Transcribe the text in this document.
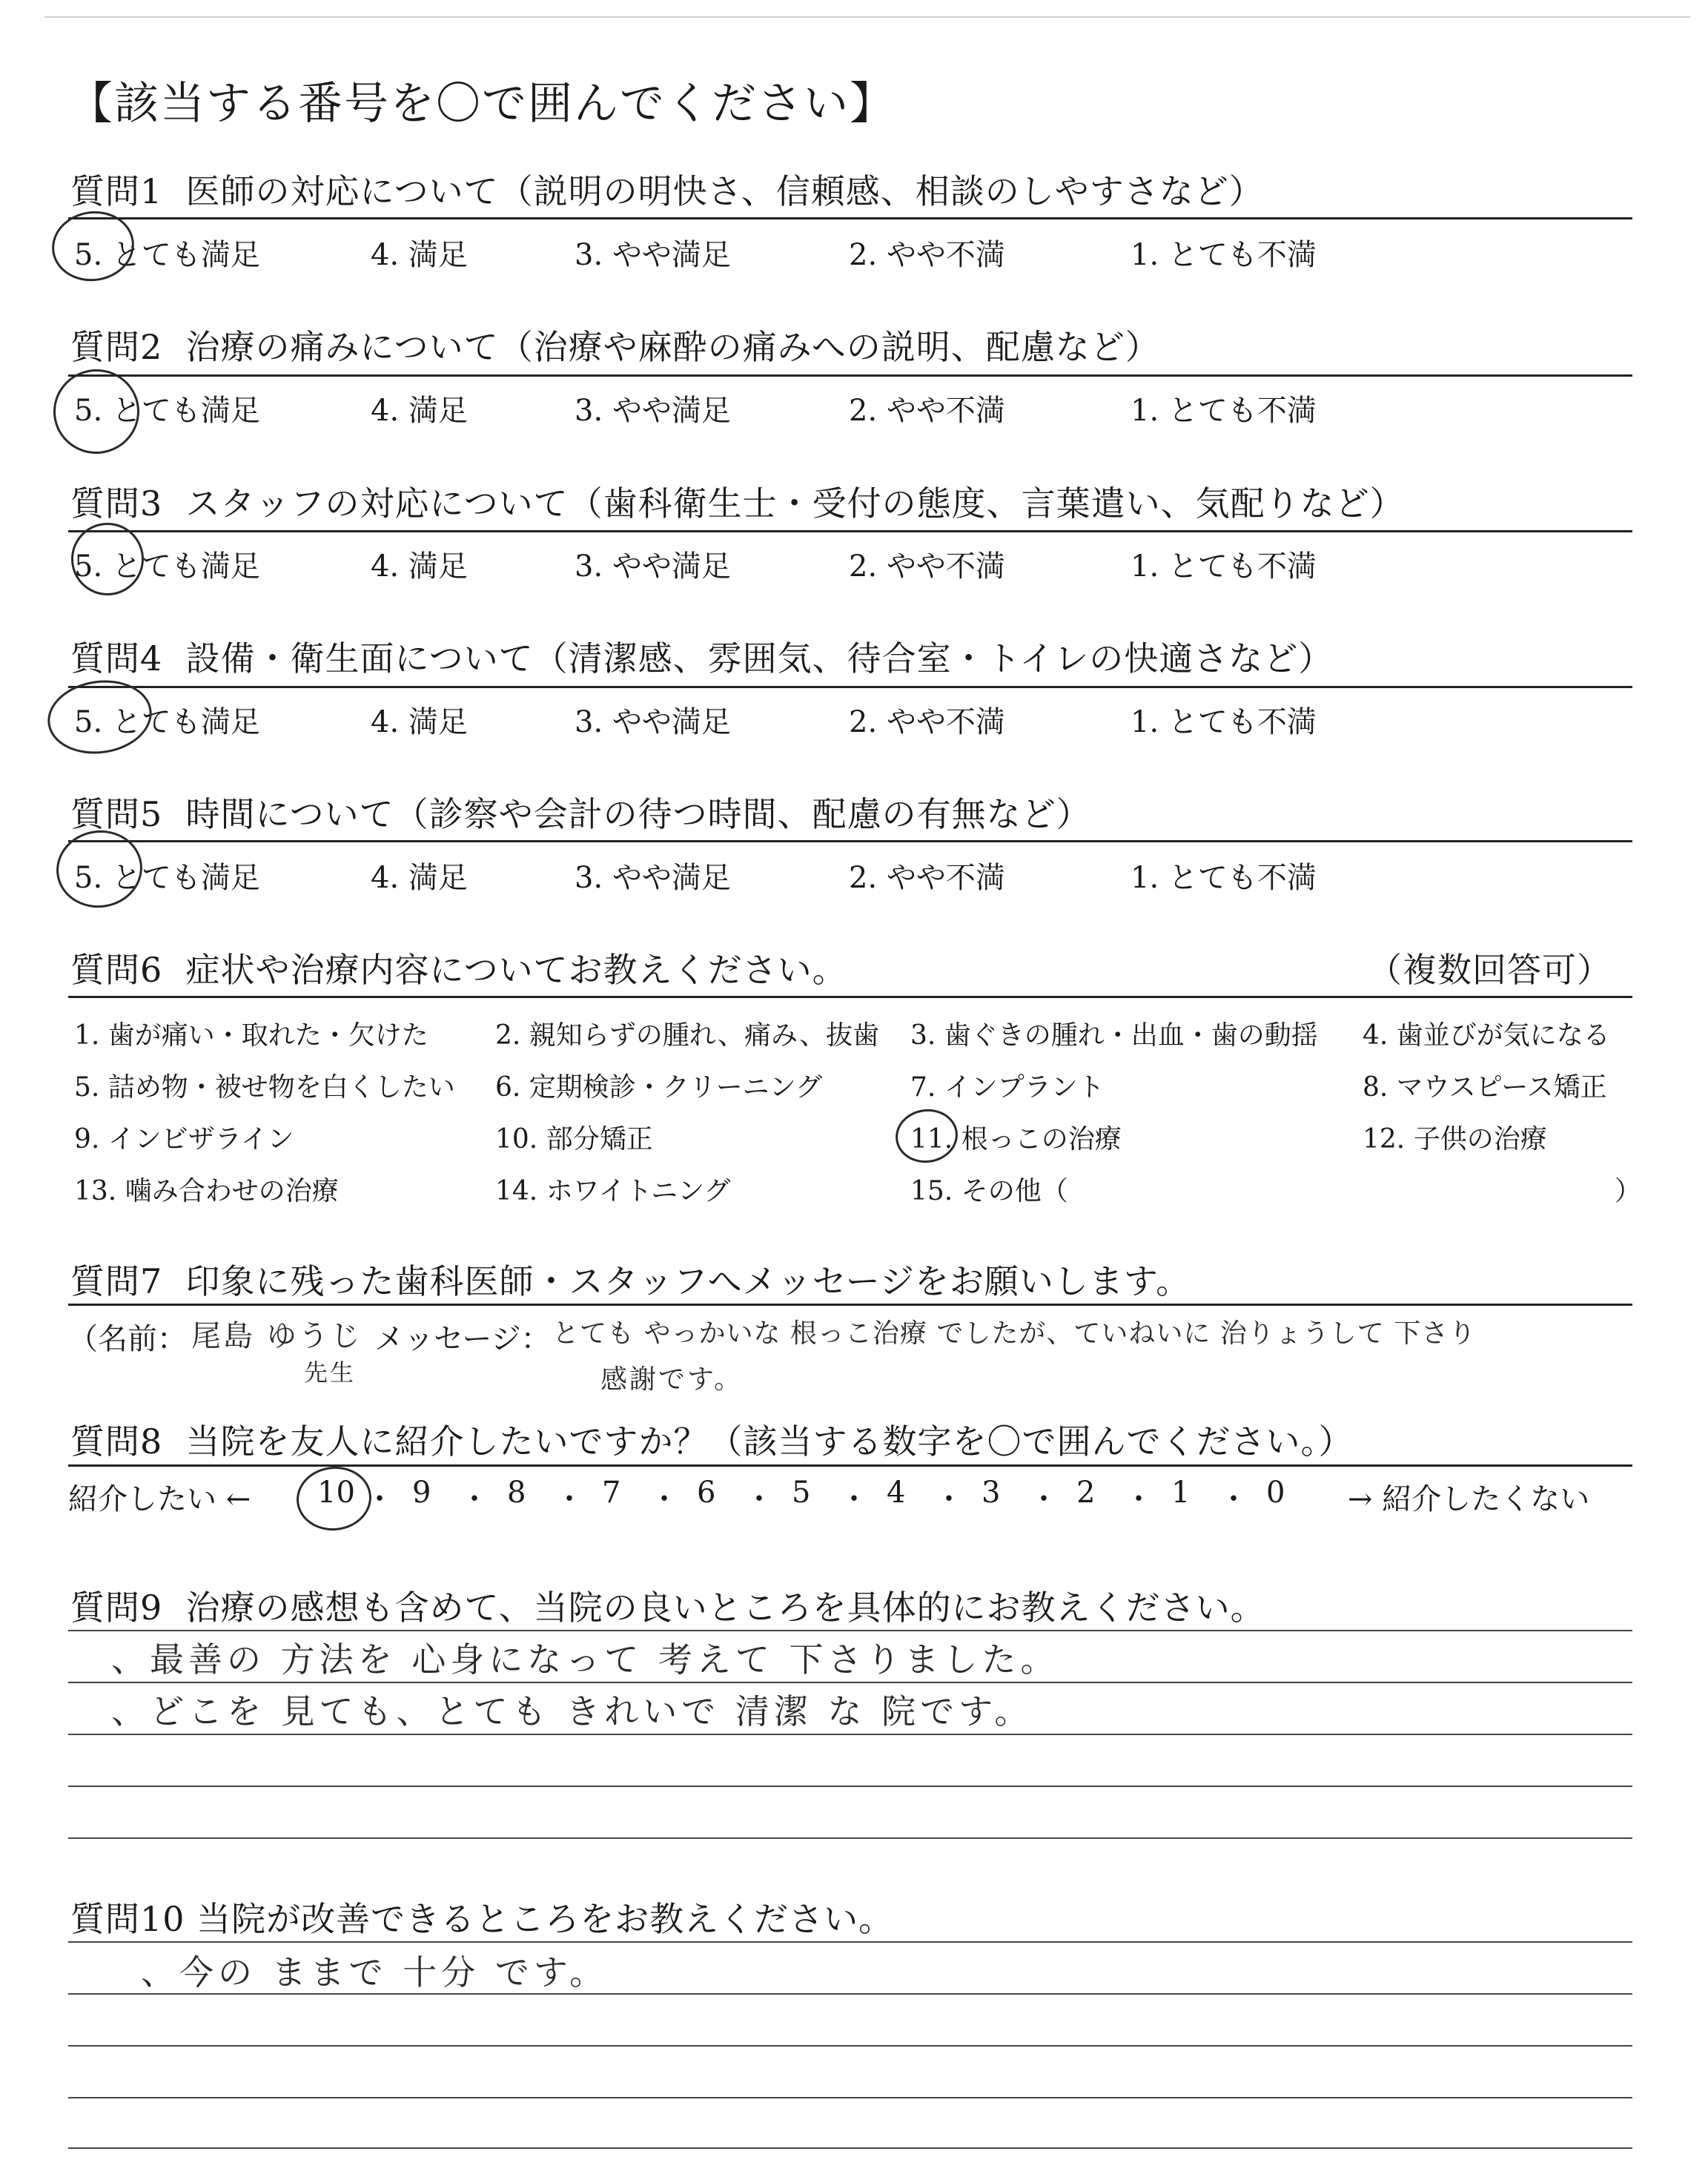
【該当する番号を〇で囲んでください】
質問1 医師の対応について（説明の明快さ、信頼感、相談のしやすさなど）
5. とても満足	4. 満足	3. やや満足	2. やや不満	1. とても不満
質問2 治療の痛みについて（治療や麻酔の痛みへの説明、配慮など）
5. とても満足	4. 満足	3. やや満足	2. やや不満	1. とても不満
質問3 スタッフの対応について（歯科衛生士・受付の態度、言葉遣い、気配りなど）
5. とても満足	4. 満足	3. やや満足	2. やや不満	1. とても不満
質問4 設備・衛生面について（清潔感、雰囲気、待合室・トイレの快適さなど）
5. とても満足	4. 満足	3. やや満足	2. やや不満	1. とても不満
質問5 時間について（診察や会計の待つ時間、配慮の有無など）
5. とても満足	4. 満足	3. やや満足	2. やや不満	1. とても不満
質問6 症状や治療内容についてお教えください。	（複数回答可）
1. 歯が痛い・取れた・欠けた	2. 親知らずの腫れ、痛み、抜歯 3. 歯ぐきの腫れ・出血・歯の動揺 4. 歯並びが気になる
5. 詰め物・被せ物を白くしたい 6. 定期検診・クリーニング	7. インプラント	8. マウスピース矯正
9. インビザライン	10. 部分矯正	11. 根っこの治療	12. 子供の治療
13. 噛み合わせの治療	14. ホワイトニング	15. その他（	）
質問7 印象に残った歯科医師・スタッフへメッセージをお願いします。
（名前： 尾島 ゆうじ
先生
メッセージ： とても やっかいな 根っこ治療 でしたが、ていねいに 治りょうして 下さり
感謝です。
質問8 当院を友人に紹介したいですか？（該当する数字を〇で囲んでください。）
紹介したい ←	→ 紹介したくない
質問9 治療の感想も含めて、当院の良いところを具体的にお教えください。
、最善の 方法を 心身になって 考えて 下さりました。
、どこを 見ても、とても きれいで 清潔 な 院です。
質問10 当院が改善できるところをお教えください。
、今の ままで 十分 です。
10 ・ 9 ・ 8 ・ 7 ・ 6 ・ 5 ・ 4 ・ 3 ・ 2 ・ 1 ・ 0
